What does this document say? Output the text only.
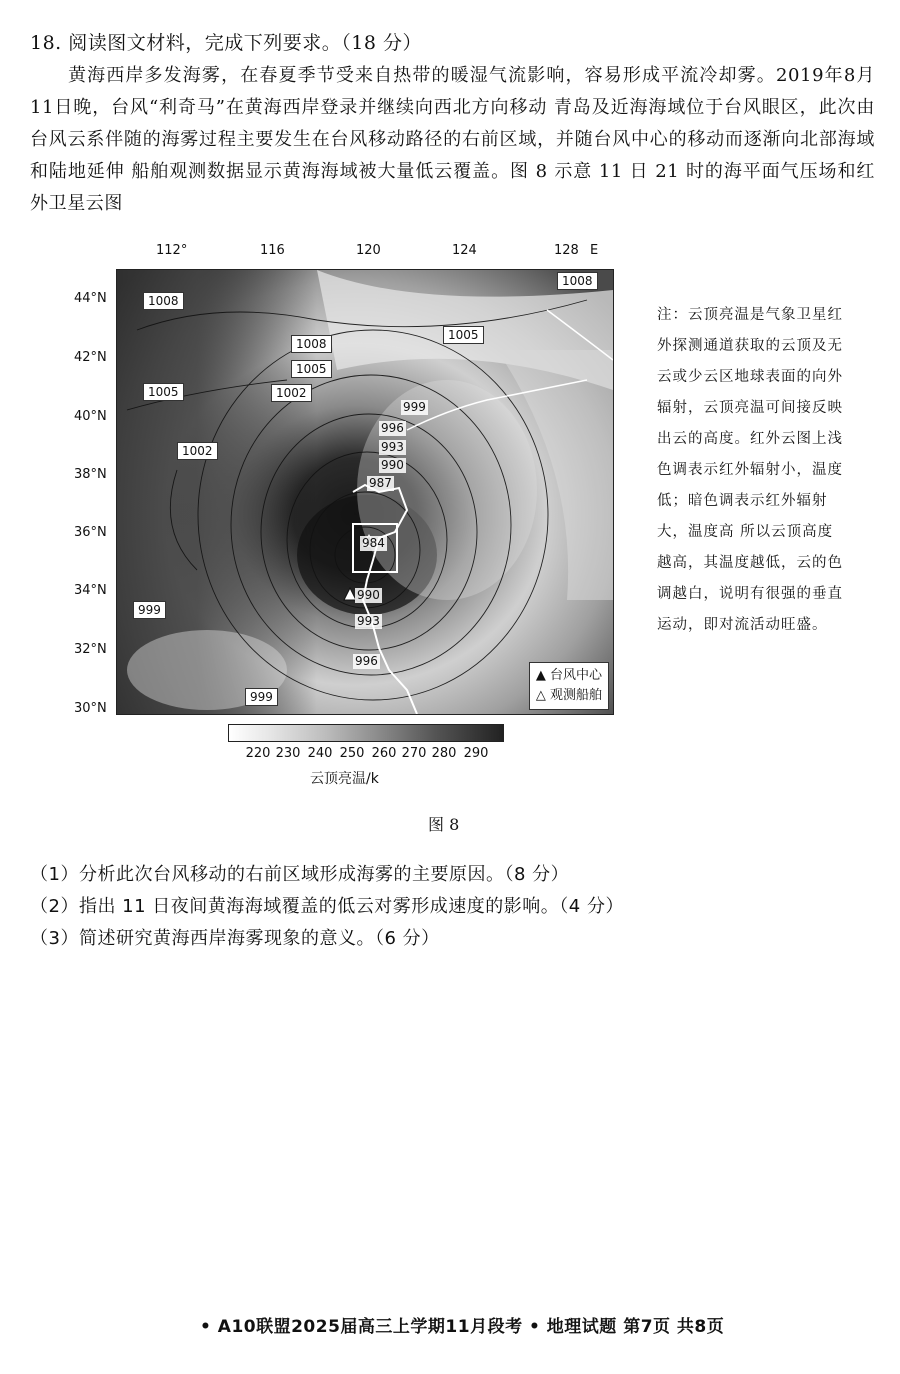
18. 阅读图文材料，完成下列要求。（18 分）
黄海西岸多发海雾，在春夏季节受来自热带的暖湿气流影响，容易形成平流冷却雾。2019年8月11日晚，台风“利奇马”在黄海西岸登录并继续向西北方向移动 青岛及近海海域位于台风眼区，此次由台风云系伴随的海雾过程主要发生在台风移动路径的右前区域，并随台风中心的移动而逐渐向北部海域和陆地延伸 船舶观测数据显示黄海海域被大量低云覆盖。图 8 示意 11 日 21 时的海平面气压场和红外卫星云图
112°	116	120	124	128 E
44°N
42°N
40°N
38°N
36°N
34°N
32°N
30°N
1008
1008
1008
1005
1005
1005
1002
1002
999
996
993
990
987
984
999
990
993
996
999
▲ 台风中心
△ 观测船舶
注：云顶亮温是气象卫星红外探测通道获取的云顶及无云或少云区地球表面的向外辐射，云顶亮温可间接反映出云的高度。红外云图上浅色调表示红外辐射小，温度低；暗色调表示红外辐射大，温度高 所以云顶高度越高，其温度越低，云的色调越白，说明有很强的垂直运动，即对流活动旺盛。
220 230 240 250 260 270 280 290
云顶亮温/k
图 8
（1）分析此次台风移动的右前区域形成海雾的主要原因。（8 分）
（2）指出 11 日夜间黄海海域覆盖的低云对雾形成速度的影响。（4 分）
（3）简述研究黄海西岸海雾现象的意义。（6 分）
• A10联盟2025届高三上学期11月段考 • 地理试题 第7页 共8页
